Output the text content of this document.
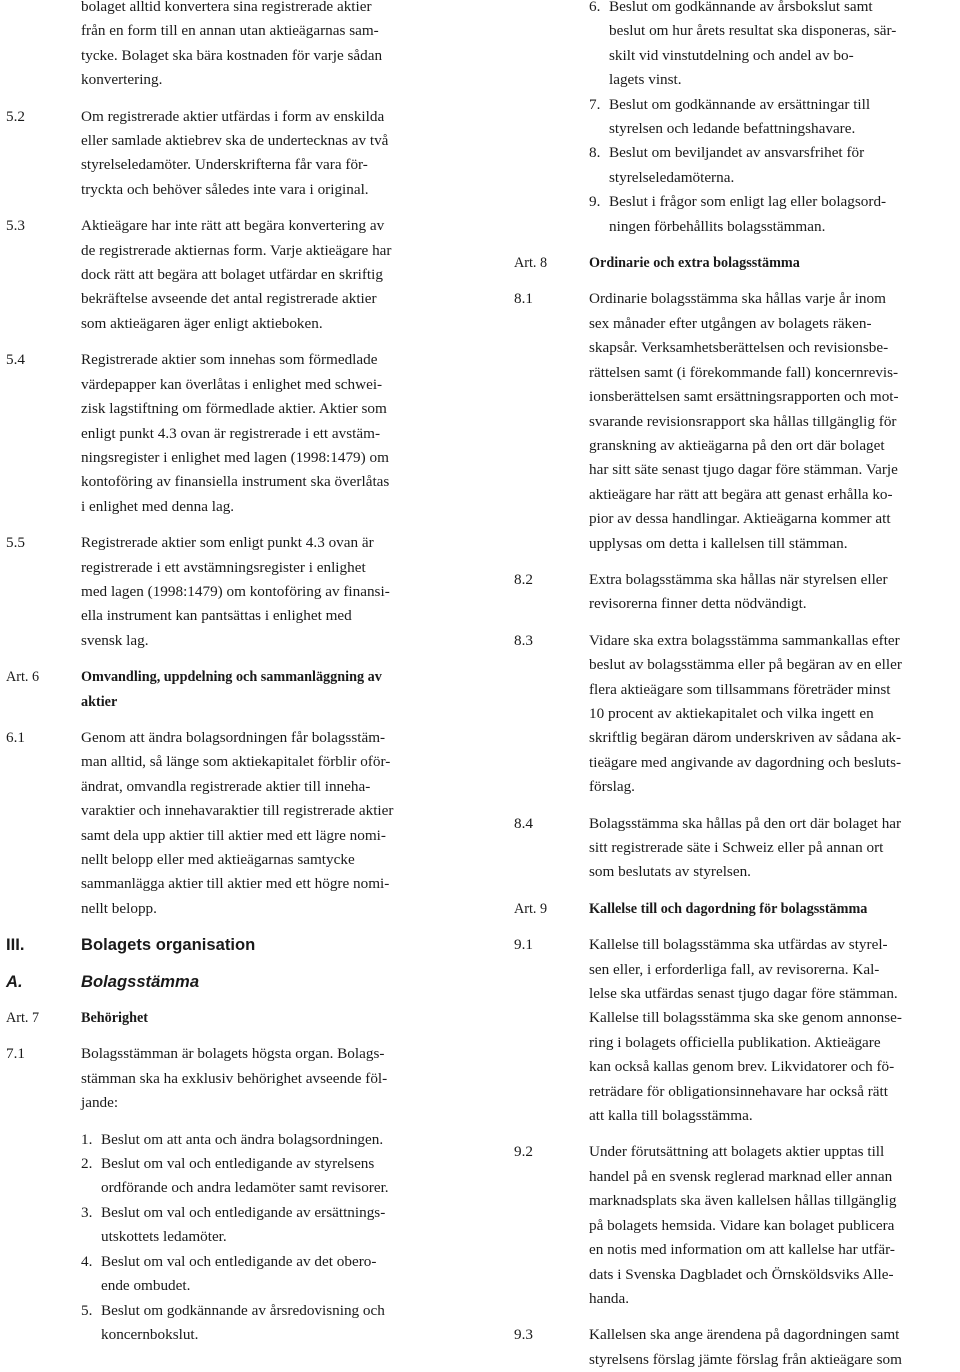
bolaget alltid konvertera sina registrerade aktier
från en form till en annan utan aktieägarnas sam-
tycke. Bolaget ska bära kostnaden för varje sådan
konvertering.
5.2	Om registrerade aktier utfärdas i form av enskilda
eller samlade aktiebrev ska de undertecknas av två
styrelseledamöter. Underskrifterna får vara för-
tryckta och behöver således inte vara i original.
5.3	Aktieägare har inte rätt att begära konvertering av
de registrerade aktiernas form. Varje aktieägare har
dock rätt att begära att bolaget utfärdar en skriftig
bekräftelse avseende det antal registrerade aktier
som aktieägaren äger enligt aktieboken.
5.4	Registrerade aktier som innehas som förmedlade
värdepapper kan överlåtas i enlighet med schwei-
zisk lagstiftning om förmedlade aktier. Aktier som
enligt punkt 4.3 ovan är registrerade i ett avstäm-
ningsregister i enlighet med lagen (1998:1479) om
kontoföring av finansiella instrument ska överlåtas
i enlighet med denna lag.
5.5	Registrerade aktier som enligt punkt 4.3 ovan är
registrerade i ett avstämningsregister i enlighet
med lagen (1998:1479) om kontoföring av finansi-
ella instrument kan pantsättas i enlighet med
svensk lag.
Art. 6	Omvandling, uppdelning och sammanläggning av
aktier
6.1	Genom att ändra bolagsordningen får bolagsstäm-
man alltid, så länge som aktiekapitalet förblir oför-
ändrat, omvandla registrerade aktier till inneha-
varaktier och innehavaraktier till registrerade aktier
samt dela upp aktier till aktier med ett lägre nomi-
nellt belopp eller med aktieägarnas samtycke
sammanlägga aktier till aktier med ett högre nomi-
nellt belopp.
III.	Bolagets organisation
A.	Bolagsstämma
Art. 7	Behörighet
7.1	Bolagsstämman är bolagets högsta organ. Bolags-
stämman ska ha exklusiv behörighet avseende föl-
jande:
1. Beslut om att anta och ändra bolagsordningen.
2. Beslut om val och entledigande av styrelsens
ordförande och andra ledamöter samt revisorer.
3. Beslut om val och entledigande av ersättnings-
utskottets ledamöter.
4. Beslut om val och entledigande av det obero-
ende ombudet.
5. Beslut om godkännande av årsredovisning och
koncernbokslut.
6. Beslut om godkännande av årsbokslut samt
beslut om hur årets resultat ska disponeras, sär-
skilt vid vinstutdelning och andel av bo-
lagets vinst.
7. Beslut om godkännande av ersättningar till
styrelsen och ledande befattningshavare.
8. Beslut om beviljandet av ansvarsfrihet för
styrelseledamöterna.
9. Beslut i frågor som enligt lag eller bolagsord-
ningen förbehållits bolagsstämman.
Art. 8	Ordinarie och extra bolagsstämma
8.1	Ordinarie bolagsstämma ska hållas varje år inom
sex månader efter utgången av bolagets räken-
skapsår. Verksamhetsberättelsen och revisionsbe-
rättelsen samt (i förekommande fall) koncernrevis-
ionsberättelsen samt ersättningsrapporten och mot-
svarande revisionsrapport ska hållas tillgänglig för
granskning av aktieägarna på den ort där bolaget
har sitt säte senast tjugo dagar före stämman. Varje
aktieägare har rätt att begära att genast erhålla ko-
pior av dessa handlingar. Aktieägarna kommer att
upplysas om detta i kallelsen till stämman.
8.2	Extra bolagsstämma ska hållas när styrelsen eller
revisorerna finner detta nödvändigt.
8.3	Vidare ska extra bolagsstämma sammankallas efter
beslut av bolagsstämma eller på begäran av en eller
flera aktieägare som tillsammans företräder minst
10 procent av aktiekapitalet och vilka ingett en
skriftlig begäran därom underskriven av sådana ak-
tieägare med angivande av dagordning och besluts-
förslag.
8.4	Bolagsstämma ska hållas på den ort där bolaget har
sitt registrerade säte i Schweiz eller på annan ort
som beslutats av styrelsen.
Art. 9	Kallelse till och dagordning för bolagsstämma
9.1	Kallelse till bolagsstämma ska utfärdas av styrel-
sen eller, i erforderliga fall, av revisorerna. Kal-
lelse ska utfärdas senast tjugo dagar före stämman.
Kallelse till bolagsstämma ska ske genom annonse-
ring i bolagets officiella publikation. Aktieägare
kan också kallas genom brev. Likvidatorer och fö-
reträdare för obligationsinnehavare har också rätt
att kalla till bolagsstämma.
9.2	Under förutsättning att bolagets aktier upptas till
handel på en svensk reglerad marknad eller annan
marknadsplats ska även kallelsen hållas tillgänglig
på bolagets hemsida. Vidare kan bolaget publicera
en notis med information om att kallelse har utfär-
dats i Svenska Dagbladet och Örnsköldsviks Alle-
handa.
9.3	Kallelsen ska ange ärendena på dagordningen samt
styrelsens förslag jämte förslag från aktieägare som
